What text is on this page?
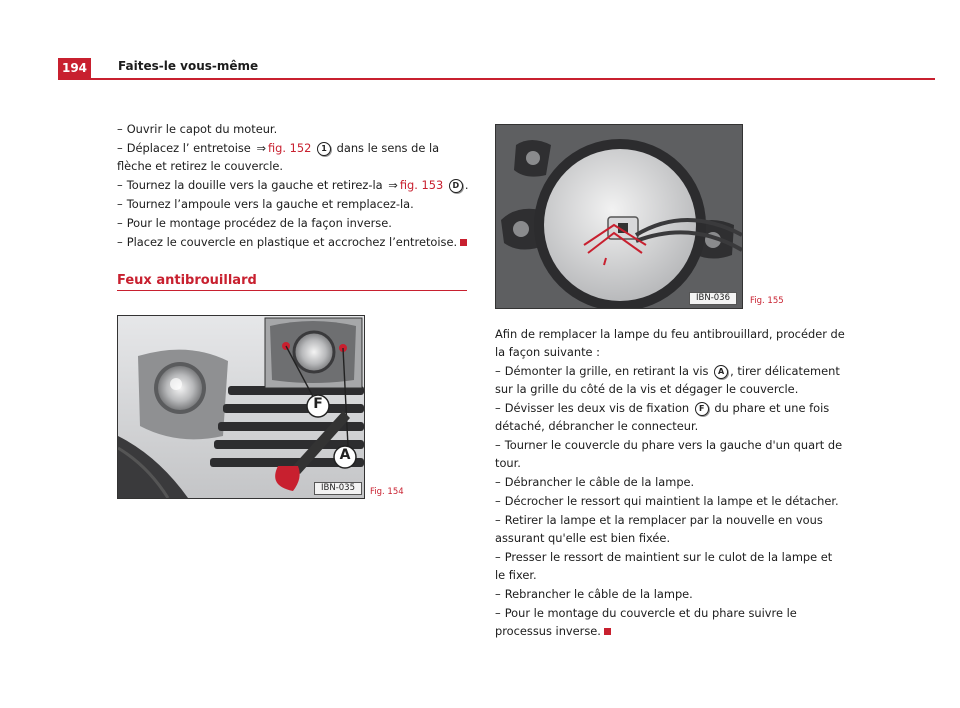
194	Faites-le vous-même

– Ouvrir le capot du moteur.

– Déplacez l’ entretoise ⇒ fig. 152 1 dans le sens de la flèche et retirez le couvercle.

– Tournez la douille vers la gauche et retirez-la ⇒ fig. 153 D .

– Tournez l’ampoule vers la gauche et remplacez-la.

– Pour le montage procédez de la façon inverse.

– Placez le couvercle en plastique et accrochez l’entretoise.

Feux antibrouillard
F
A
IBN-035	Fig. 154
IBN-036	Fig. 155

Afin de remplacer la lampe du feu antibrouillard, procéder de la façon suivante :

– Démonter la grille, en retirant la vis A , tirer délicatement sur la grille du côté de la vis et dégager le couvercle.

– Dévisser les deux vis de fixation F du phare et une fois détaché, débrancher le connecteur.

– Tourner le couvercle du phare vers la gauche d'un quart de tour.

– Débrancher le câble de la lampe.

– Décrocher le ressort qui maintient la lampe et le détacher.

– Retirer la lampe et la remplacer par la nouvelle en vous assurant qu'elle est bien fixée.

– Presser le ressort de maintient sur le culot de la lampe et le fixer.

– Rebrancher le câble de la lampe.

– Pour le montage du couvercle et du phare suivre le processus inverse.
